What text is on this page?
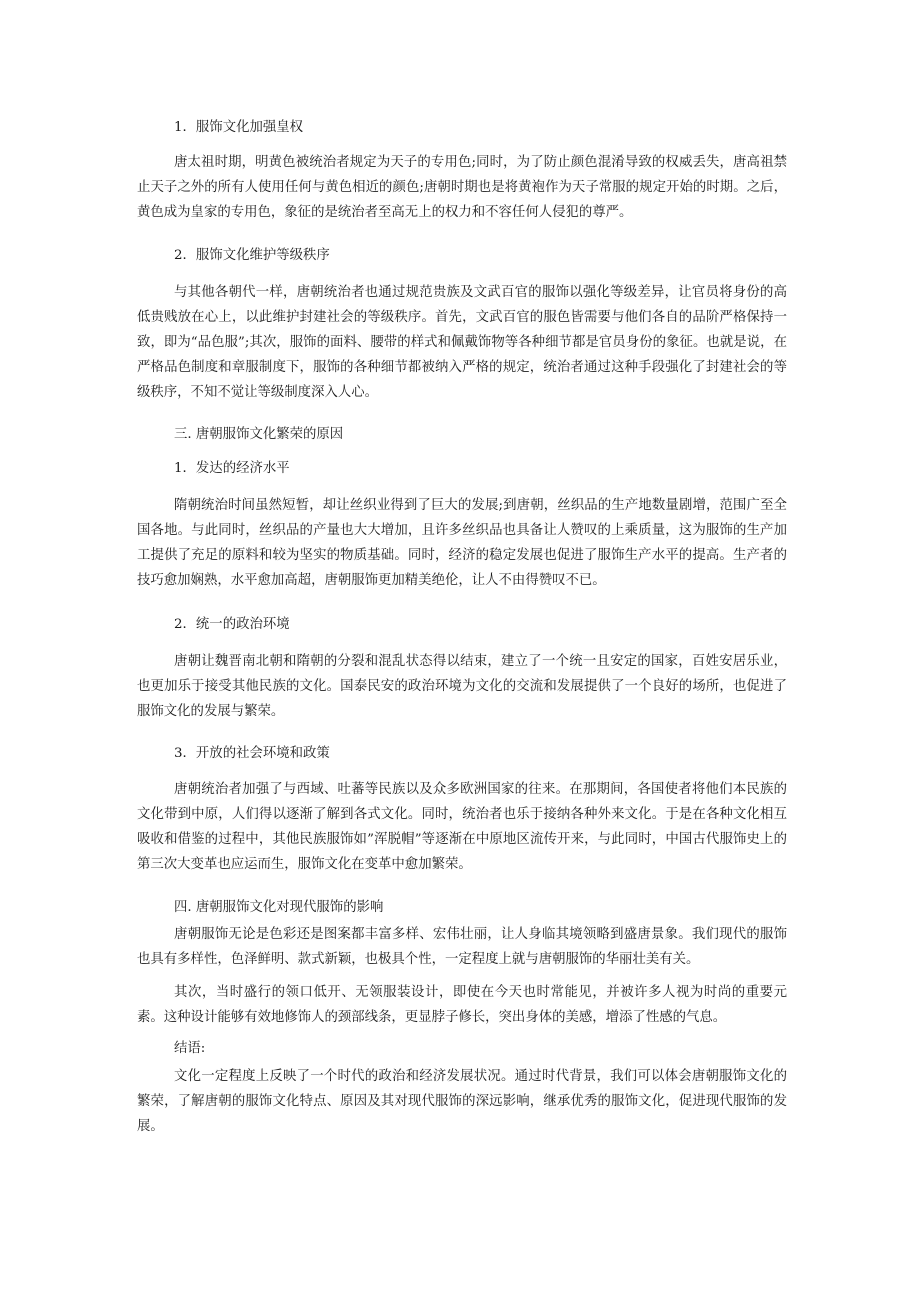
1．服饰文化加强皇权

唐太祖时期，明黄色被统治者规定为天子的专用色;同时，为了防止颜色混淆导致的权威丢失，唐高祖禁止天子之外的所有人使用任何与黄色相近的颜色;唐朝时期也是将黄袍作为天子常服的规定开始的时期。之后，黄色成为皇家的专用色，象征的是统治者至高无上的权力和不容任何人侵犯的尊严。

2．服饰文化维护等级秩序

与其他各朝代一样，唐朝统治者也通过规范贵族及文武百官的服饰以强化等级差异，让官员将身份的高低贵贱放在心上，以此维护封建社会的等级秩序。首先，文武百官的服色皆需要与他们各自的品阶严格保持一致，即为“品色服”;其次，服饰的面料、腰带的样式和佩戴饰物等各种细节都是官员身份的象征。也就是说，在严格品色制度和章服制度下，服饰的各种细节都被纳入严格的规定，统治者通过这种手段强化了封建社会的等级秩序，不知不觉让等级制度深入人心。

三. 唐朝服饰文化繁荣的原因
1．发达的经济水平

隋朝统治时间虽然短暂，却让丝织业得到了巨大的发展;到唐朝，丝织品的生产地数量剧增，范围广至全国各地。与此同时，丝织品的产量也大大增加，且许多丝织品也具备让人赞叹的上乘质量，这为服饰的生产加工提供了充足的原料和较为坚实的物质基础。同时，经济的稳定发展也促进了服饰生产水平的提高。生产者的技巧愈加娴熟，水平愈加高超，唐朝服饰更加精美绝伦，让人不由得赞叹不已。

2．统一的政治环境

唐朝让魏晋南北朝和隋朝的分裂和混乱状态得以结束，建立了一个统一且安定的国家，百姓安居乐业，也更加乐于接受其他民族的文化。国泰民安的政治环境为文化的交流和发展提供了一个良好的场所，也促进了服饰文化的发展与繁荣。

3．开放的社会环境和政策

唐朝统治者加强了与西域、吐蕃等民族以及众多欧洲国家的往来。在那期间，各国使者将他们本民族的文化带到中原，人们得以逐渐了解到各式文化。同时，统治者也乐于接纳各种外来文化。于是在各种文化相互吸收和借鉴的过程中，其他民族服饰如”浑脱帽”等逐渐在中原地区流传开来，与此同时，中国古代服饰史上的第三次大变革也应运而生，服饰文化在变革中愈加繁荣。

四. 唐朝服饰文化对现代服饰的影响

唐朝服饰无论是色彩还是图案都丰富多样、宏伟壮丽，让人身临其境领略到盛唐景象。我们现代的服饰也具有多样性，色泽鲜明、款式新颖，也极具个性，一定程度上就与唐朝服饰的华丽壮美有关。

其次，当时盛行的领口低开、无领服装设计，即使在今天也时常能见，并被许多人视为时尚的重要元素。这种设计能够有效地修饰人的颈部线条，更显脖子修长，突出身体的美感，增添了性感的气息。

结语:

文化一定程度上反映了一个时代的政治和经济发展状况。通过时代背景，我们可以体会唐朝服饰文化的繁荣，了解唐朝的服饰文化特点、原因及其对现代服饰的深远影响，继承优秀的服饰文化，促进现代服饰的发展。
